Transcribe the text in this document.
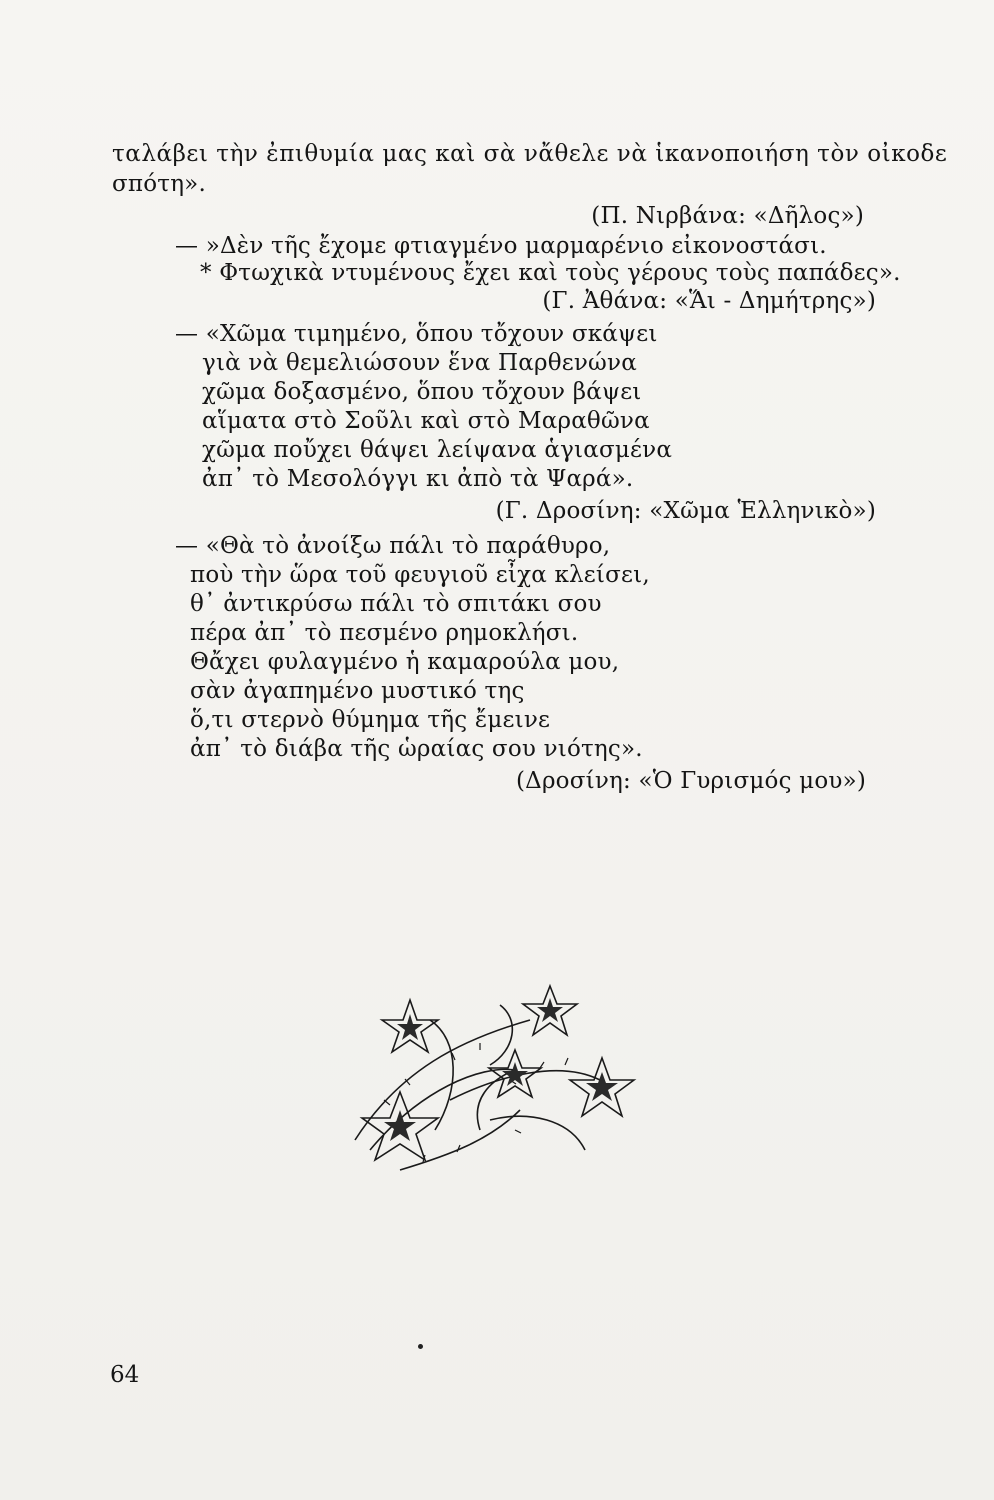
ταλάβει τὴν ἐπιθυμία μας καὶ σὰ νἄθελε νὰ ἱκανοποιήση τὸν οἰκοδε
σπότη».
(Π. Νιρβάνα: «Δῆλος»)
— »Δὲν τῆς ἔχομε φτιαγμένο μαρμαρένιο εἰκονοστάσι.
* Φτωχικὰ ντυμένους ἔχει καὶ τοὺς γέρους τοὺς παπάδες».
(Γ. Ἀθάνα: «Ἅι - Δημήτρης»)
— «Χῶμα τιμημένο, ὅπου τὄχουν σκάψει
γιὰ νὰ θεμελιώσουν ἕνα Παρθενώνα
χῶμα δοξασμένο, ὅπου τὄχουν βάψει
αἵματα στὸ Σοῦλι καὶ στὸ Μαραθῶνα
χῶμα ποὔχει θάψει λείψανα ἁγιασμένα
ἀπ᾽ τὸ Μεσολόγγι κι ἀπὸ τὰ Ψαρά».
(Γ. Δροσίνη: «Χῶμα Ἑλληνικὸ»)
— «Θὰ τὸ ἀνοίξω πάλι τὸ παράθυρο,
ποὺ τὴν ὥρα τοῦ φευγιοῦ εἶχα κλείσει,
θ᾽ ἀντικρύσω πάλι τὸ σπιτάκι σου
πέρα ἀπ᾽ τὸ πεσμένο ρημοκλήσι.
Θἄχει φυλαγμένο ἡ καμαρούλα μου,
σὰν ἀγαπημένο μυστικό της
ὅ,τι στερνὸ θύμημα τῆς ἔμεινε
ἀπ᾽ τὸ διάβα τῆς ὡραίας σου νιότης».
(Δροσίνη: «Ὁ Γυρισμός μου»)
64
